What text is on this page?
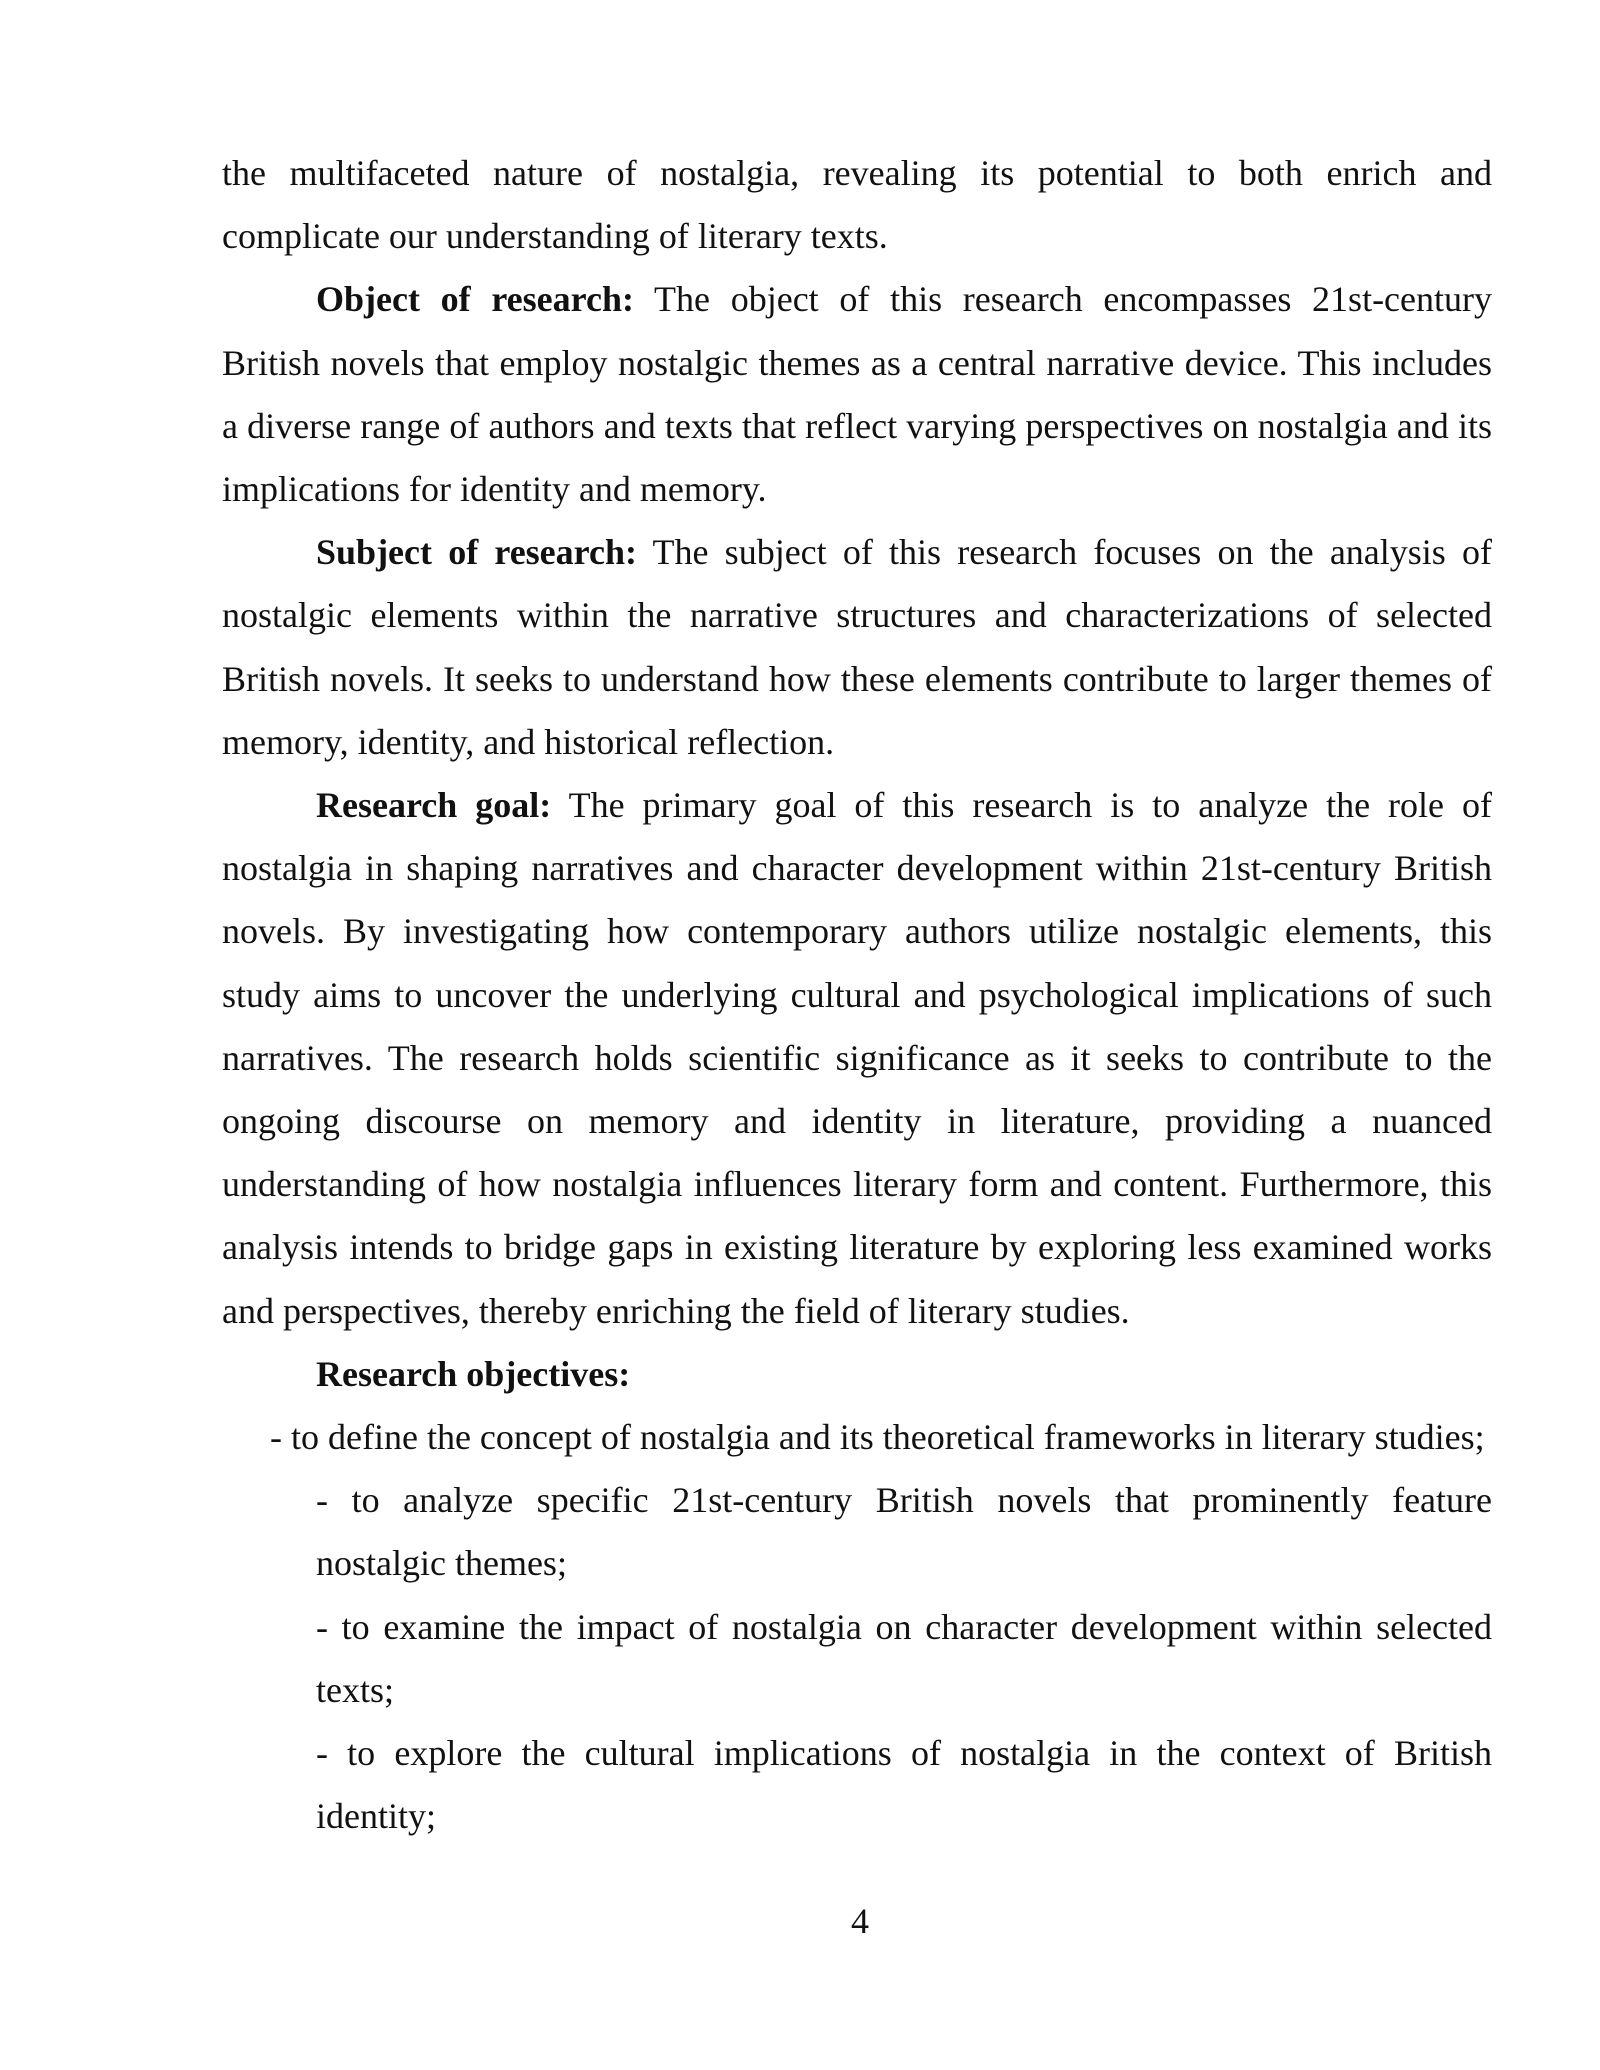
the multifaceted nature of nostalgia, revealing its potential to both enrich and complicate our understanding of literary texts.

Object of research: The object of this research encompasses 21st-century British novels that employ nostalgic themes as a central narrative device. This includes a diverse range of authors and texts that reflect varying perspectives on nostalgia and its implications for identity and memory.

Subject of research: The subject of this research focuses on the analysis of nostalgic elements within the narrative structures and characterizations of selected British novels. It seeks to understand how these elements contribute to larger themes of memory, identity, and historical reflection.

Research goal: The primary goal of this research is to analyze the role of nostalgia in shaping narratives and character development within 21st-century British novels. By investigating how contemporary authors utilize nostalgic elements, this study aims to uncover the underlying cultural and psychological implications of such narratives. The research holds scientific significance as it seeks to contribute to the ongoing discourse on memory and identity in literature, providing a nuanced understanding of how nostalgia influences literary form and content. Furthermore, this analysis intends to bridge gaps in existing literature by exploring less examined works and perspectives, thereby enriching the field of literary studies.

Research objectives:

- to define the concept of nostalgia and its theoretical frameworks in literary studies;
- to analyze specific 21st-century British novels that prominently feature nostalgic themes;
- to examine the impact of nostalgia on character development within selected texts;
- to explore the cultural implications of nostalgia in the context of British identity;
4
